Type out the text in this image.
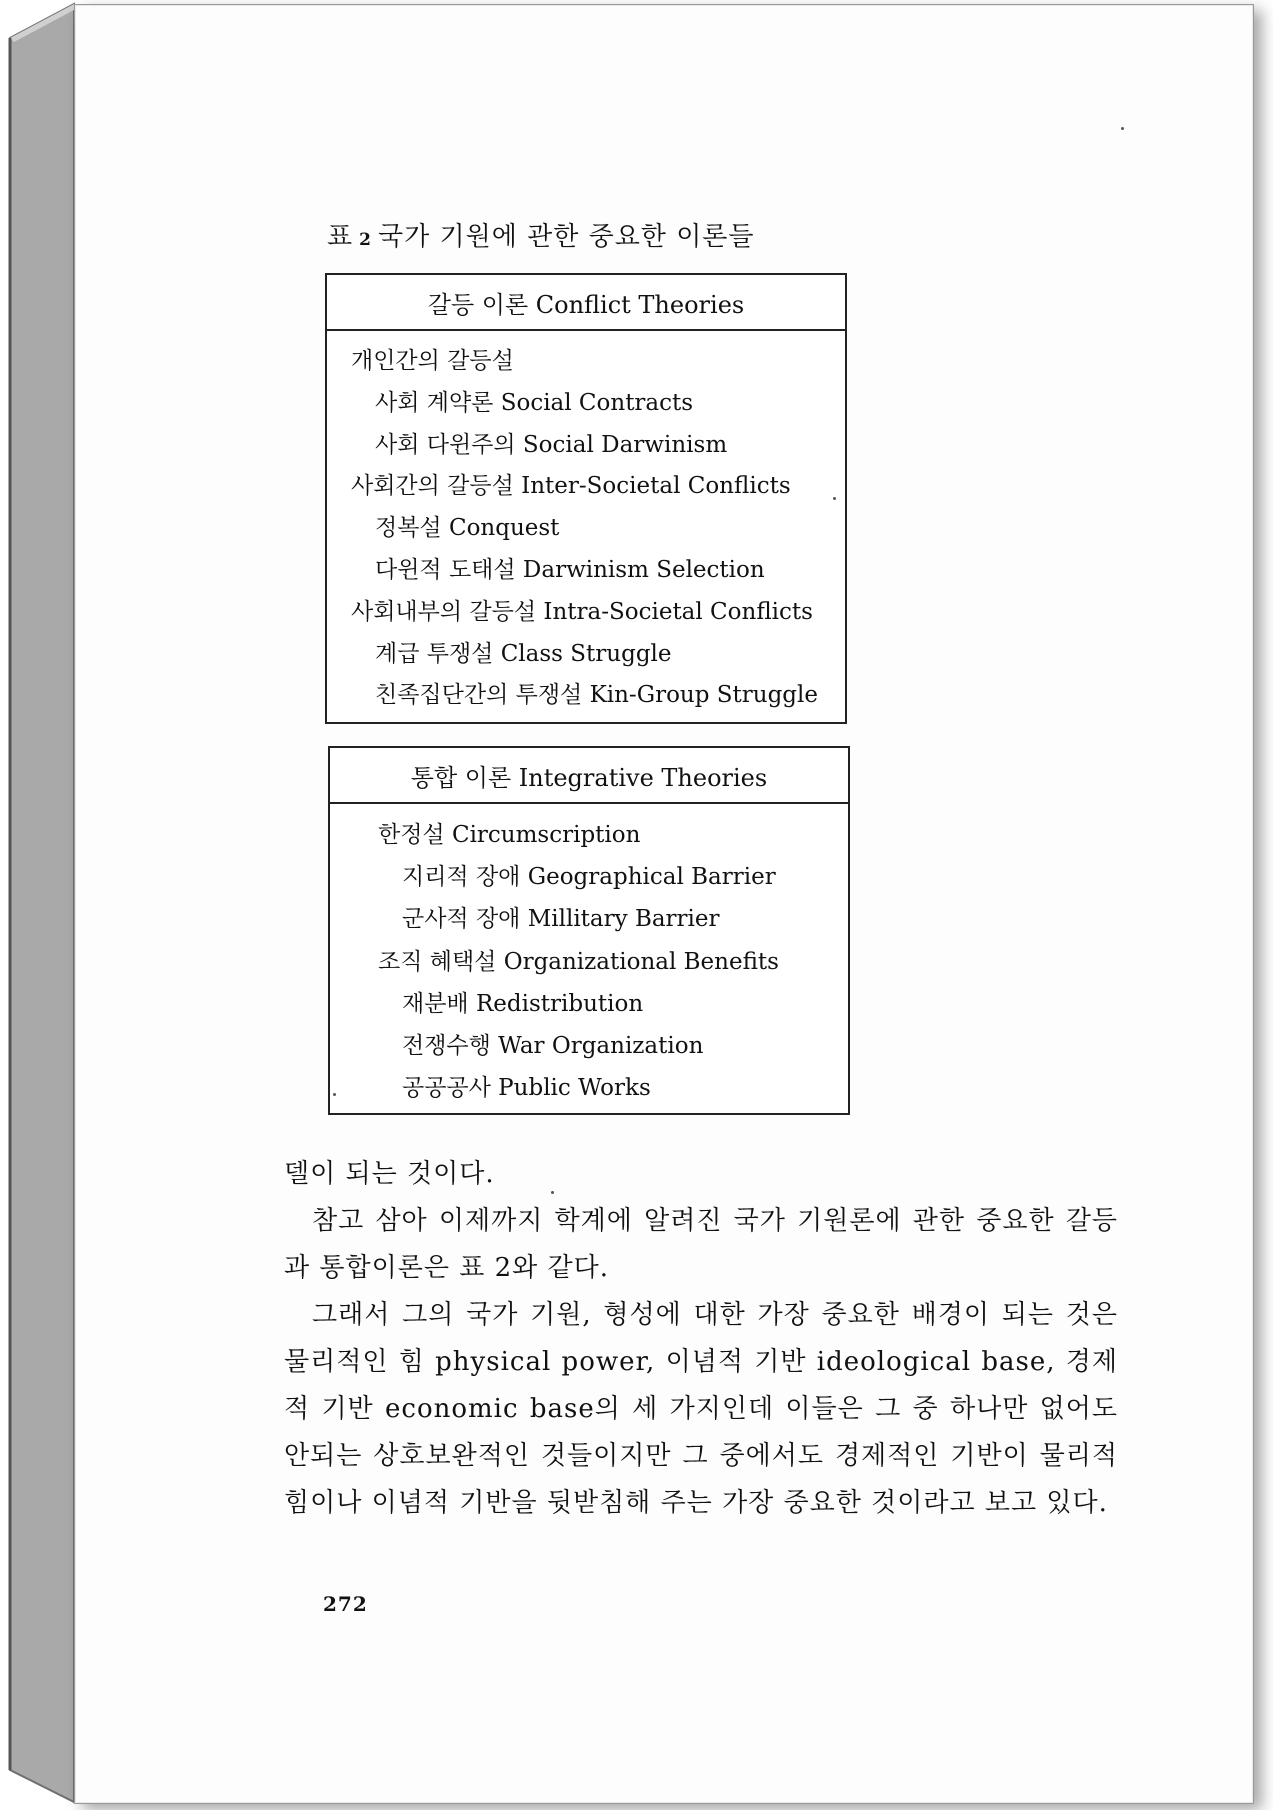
표 2 국가 기원에 관한 중요한 이론들
갈등 이론 Conflict Theories
개인간의 갈등설
사회 계약론 Social Contracts
사회 다윈주의 Social Darwinism
사회간의 갈등설 Inter-Societal Conflicts
정복설 Conquest
다윈적 도태설 Darwinism Selection
사회내부의 갈등설 Intra-Societal Conflicts
계급 투쟁설 Class Struggle
친족집단간의 투쟁설 Kin-Group Struggle
통합 이론 Integrative Theories
한정설 Circumscription
지리적 장애 Geographical Barrier
군사적 장애 Millitary Barrier
조직 혜택설 Organizational Benefits
재분배 Redistribution
전쟁수행 War Organization
공공공사 Public Works

델이 되는 것이다.

참고 삼아 이제까지 학계에 알려진 국가 기원론에 관한 중요한 갈등과 통합이론은 표 2와 같다.

그래서 그의 국가 기원, 형성에 대한 가장 중요한 배경이 되는 것은 물리적인 힘 physical power, 이념적 기반 ideological base, 경제적 기반 economic base의 세 가지인데 이들은 그 중 하나만 없어도 안되는 상호보완적인 것들이지만 그 중에서도 경제적인 기반이 물리적 힘이나 이념적 기반을 뒷받침해 주는 가장 중요한 것이라고 보고 있다.

272
